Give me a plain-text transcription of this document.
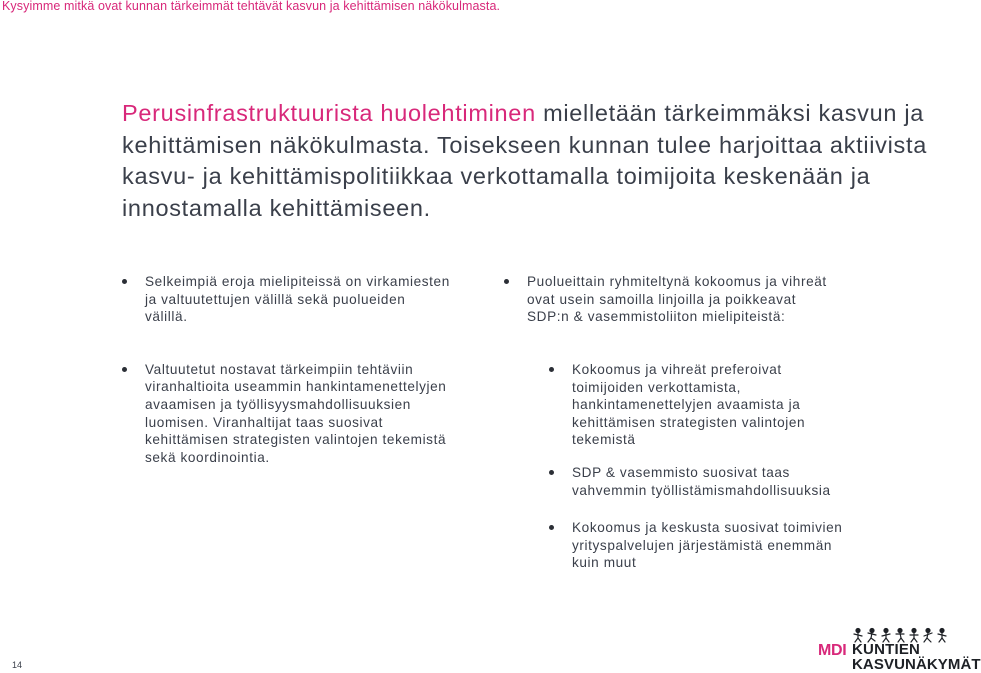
Kysyimme mitkä ovat kunnan tärkeimmät tehtävät kasvun ja kehittämisen näkökulmasta.
Perusinfrastruktuurista huolehtiminen mielletään tärkeimmäksi kasvun ja kehittämisen näkökulmasta. Toisekseen kunnan tulee harjoittaa aktiivista kasvu- ja kehittämispolitiikkaa verkottamalla toimijoita keskenään ja innostamalla kehittämiseen.
Selkeimpiä eroja mielipiteissä on virkamiesten ja valtuutettujen välillä sekä puolueiden välillä.
Valtuutetut nostavat tärkeimpiin tehtäviin viranhaltioita useammin hankintamenettelyjen avaamisen ja työllisyysmahdollisuuksien luomisen. Viranhaltijat taas suosivat kehittämisen strategisten valintojen tekemistä sekä koordinointia.
Puolueittain ryhmiteltynä kokoomus ja vihreät ovat usein samoilla linjoilla ja poikkeavat SDP:n & vasemmistoliiton mielipiteistä:
Kokoomus ja vihreät preferoivat toimijoiden verkottamista, hankintamenettelyjen avaamista ja kehittämisen strategisten valintojen tekemistä
SDP & vasemmisto suosivat taas vahvemmin työllistämismahdollisuuksia
Kokoomus ja keskusta suosivat toimivien yrityspalvelujen järjestämistä enemmän kuin muut
14
MDI KUNTIEN
KASVUNÄKYMÄT
